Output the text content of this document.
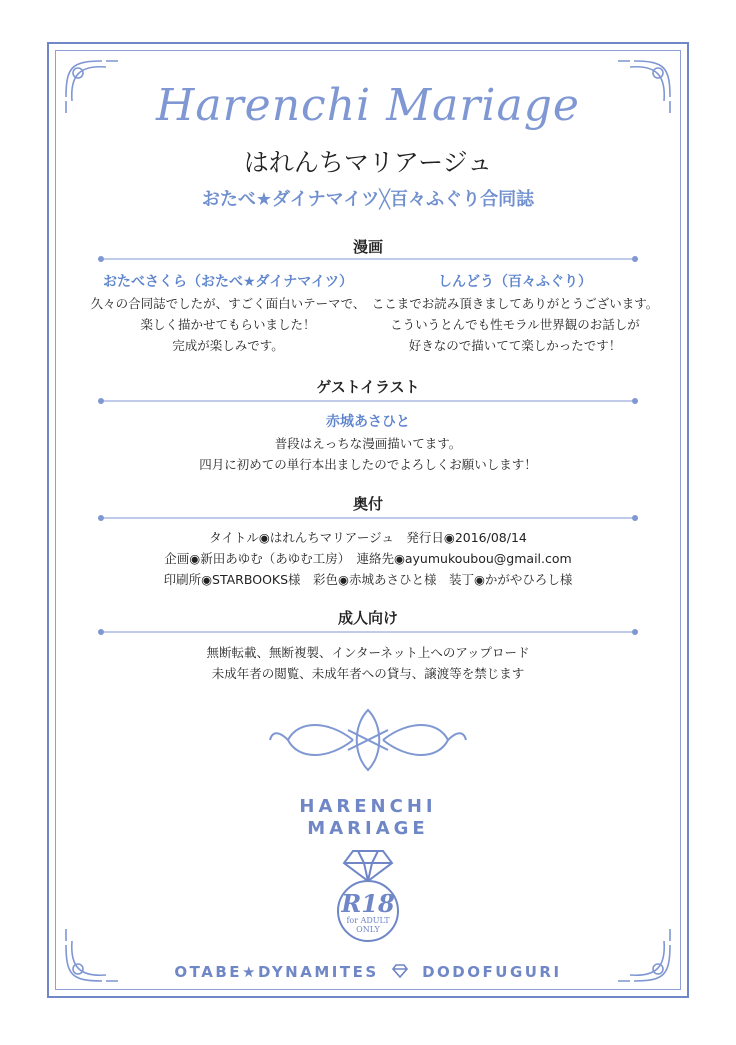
Harenchi Mariage
はれんちマリアージュ
おたべ★ダイナマイツ╳百々ふぐり合同誌
漫画
おたべさくら（おたべ★ダイナマイツ）
久々の合同誌でしたが、すごく面白いテーマで、
楽しく描かせてもらいました！
完成が楽しみです。
しんどう（百々ふぐり）
ここまでお読み頂きましてありがとうございます。
こういうとんでも性モラル世界観のお話しが
好きなので描いてて楽しかったです！
ゲストイラスト
赤城あさひと
普段はえっちな漫画描いてます。
四月に初めての単行本出ましたのでよろしくお願いします！
奥付
タイトル◉はれんちマリアージュ　発行日◉2016/08/14
企画◉新田あゆむ（あゆむ工房）　連絡先◉ayumukoubou@gmail.com
印刷所◉STARBOOKS様　彩色◉赤城あさひと様　装丁◉かがやひろし様
成人向け
無断転載、無断複製、インターネット上へのアップロード
未成年者の閲覧、未成年者への貸与、譲渡等を禁じます
HARENCHI
MARIAGE
R18
for ADULT
ONLY
OTABE★DYNAMITES	DODOFUGURI
